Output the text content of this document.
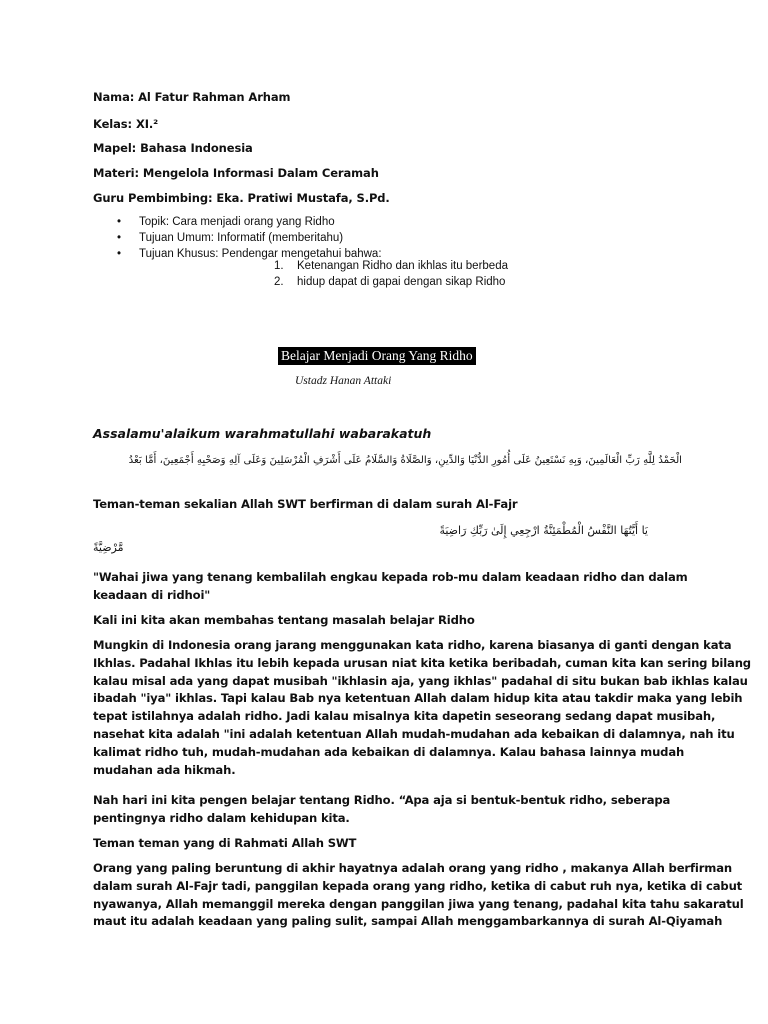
Nama: Al Fatur Rahman Arham
Kelas: XI.²
Mapel: Bahasa Indonesia
Materi: Mengelola Informasi Dalam Ceramah
Guru Pembimbing: Eka. Pratiwi Mustafa, S.Pd.
• Topik: Cara menjadi orang yang Ridho
• Tujuan Umum: Informatif (memberitahu)
• Tujuan Khusus: Pendengar mengetahui bahwa:
1. Ketenangan Ridho dan ikhlas itu berbeda
2. hidup dapat di gapai dengan sikap Ridho
Belajar Menjadi Orang Yang Ridho
Ustadz Hanan Attaki
Assalamu'alaikum warahmatullahi wabarakatuh
الْحَمْدُ لِلَّهِ رَبِّ الْعَالَمِينَ، وَبِهِ نَسْتَعِينُ عَلَى أُمُورِ الدُّنْيَا وَالدِّينِ، وَالصَّلَاةُ وَالسَّلَامُ عَلَى أَشْرَفِ الْمُرْسَلِينَ وَعَلَى آلِهِ وَصَحْبِهِ أَجْمَعِينَ، أَمَّا بَعْدُ
Teman-teman sekalian Allah SWT berfirman di dalam surah Al-Fajr
يَا أَيَّتُهَا النَّفْسُ الْمُطْمَئِنَّةُ ارْجِعِي إِلَىٰ رَبِّكِ رَاضِيَةً
مَّرْضِيَّةً
"Wahai jiwa yang tenang kembalilah engkau kepada rob-mu dalam keadaan ridho dan dalam
keadaan di ridhoi"
Kali ini kita akan membahas tentang masalah belajar Ridho
Mungkin di Indonesia orang jarang menggunakan kata ridho, karena biasanya di ganti dengan kata
Ikhlas. Padahal Ikhlas itu lebih kepada urusan niat kita ketika beribadah, cuman kita kan sering bilang
kalau misal ada yang dapat musibah "ikhlasin aja, yang ikhlas" padahal di situ bukan bab ikhlas kalau
ibadah "iya" ikhlas. Tapi kalau Bab nya ketentuan Allah dalam hidup kita atau takdir maka yang lebih
tepat istilahnya adalah ridho. Jadi kalau misalnya kita dapetin seseorang sedang dapat musibah,
nasehat kita adalah "ini adalah ketentuan Allah mudah-mudahan ada kebaikan di dalamnya, nah itu
kalimat ridho tuh, mudah-mudahan ada kebaikan di dalamnya. Kalau bahasa lainnya mudah
mudahan ada hikmah.
Nah hari ini kita pengen belajar tentang Ridho. “Apa aja si bentuk-bentuk ridho, seberapa
pentingnya ridho dalam kehidupan kita.
Teman teman yang di Rahmati Allah SWT
Orang yang paling beruntung di akhir hayatnya adalah orang yang ridho , makanya Allah berfirman
dalam surah Al-Fajr tadi, panggilan kepada orang yang ridho, ketika di cabut ruh nya, ketika di cabut
nyawanya, Allah memanggil mereka dengan panggilan jiwa yang tenang, padahal kita tahu sakaratul
maut itu adalah keadaan yang paling sulit, sampai Allah menggambarkannya di surah Al-Qiyamah
